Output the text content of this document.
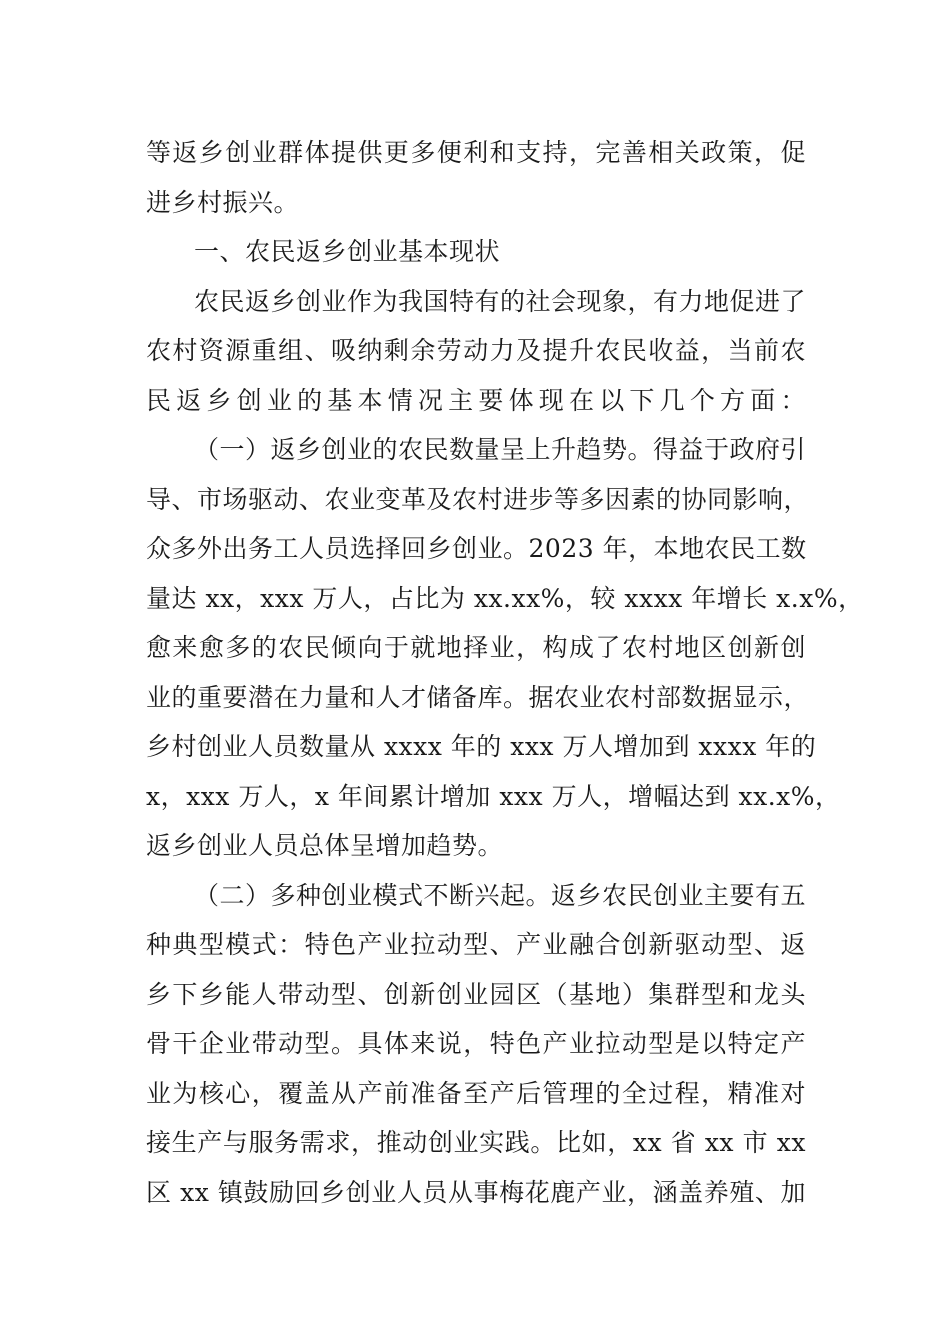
等返乡创业群体提供更多便利和支持，完善相关政策，促
进乡村振兴。
一、农民返乡创业基本现状
农民返乡创业作为我国特有的社会现象，有力地促进了
农村资源重组、吸纳剩余劳动力及提升农民收益，当前农
民返乡创业的基本情况主要体现在以下几个方面：
（一）返乡创业的农民数量呈上升趋势。得益于政府引
导、市场驱动、农业变革及农村进步等多因素的协同影响，
众多外出务工人员选择回乡创业。2023 年，本地农民工数
量达 xx，xxx 万人，占比为 xx.xx%，较 xxxx 年增长 x.x%，
愈来愈多的农民倾向于就地择业，构成了农村地区创新创
业的重要潜在力量和人才储备库。据农业农村部数据显示，
乡村创业人员数量从 xxxx 年的 xxx 万人增加到 xxxx 年的
x，xxx 万人，x 年间累计增加 xxx 万人，增幅达到 xx.x%，
返乡创业人员总体呈增加趋势。
（二）多种创业模式不断兴起。返乡农民创业主要有五
种典型模式：特色产业拉动型、产业融合创新驱动型、返
乡下乡能人带动型、创新创业园区（基地）集群型和龙头
骨干企业带动型。具体来说，特色产业拉动型是以特定产
业为核心，覆盖从产前准备至产后管理的全过程，精准对
接生产与服务需求，推动创业实践。比如，xx 省 xx 市 xx
区 xx 镇鼓励回乡创业人员从事梅花鹿产业，涵盖养殖、加
